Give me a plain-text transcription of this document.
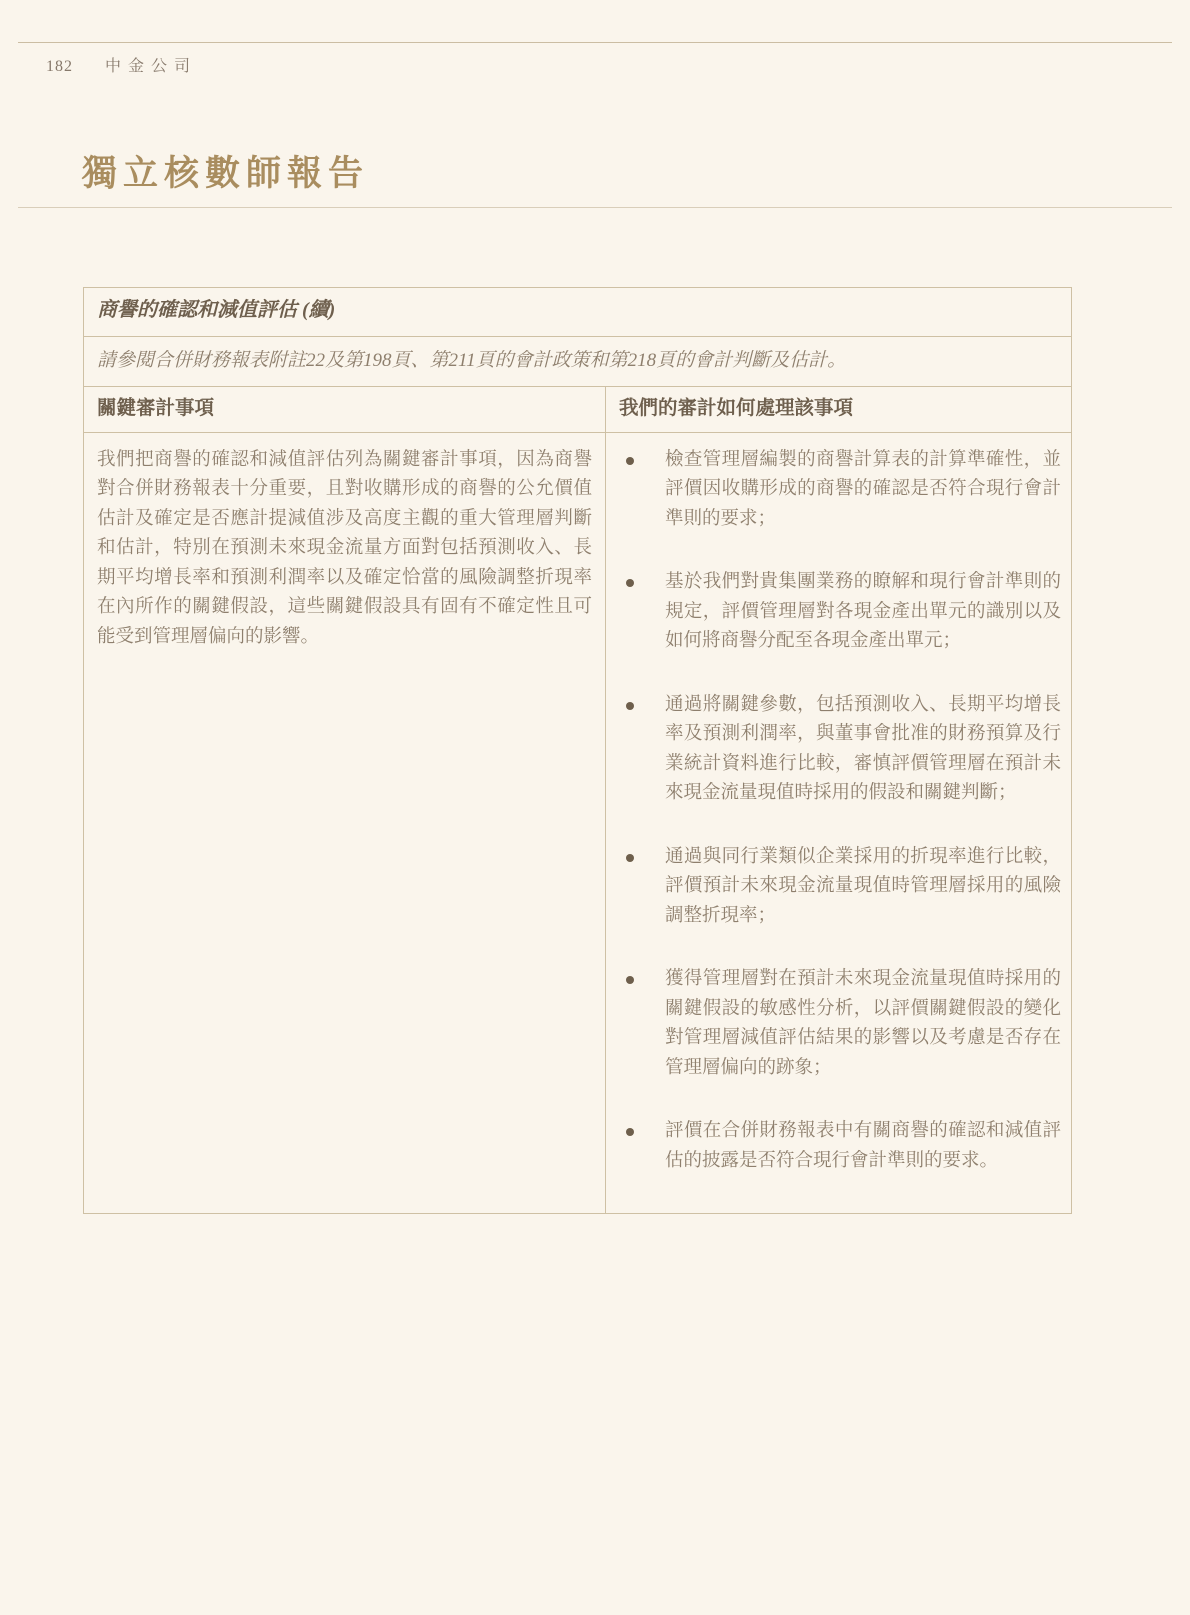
182 中金公司
獨立核數師報告
商譽的確認和減值評估 (續)
請參閱合併財務報表附註22及第198頁、第211頁的會計政策和第218頁的會計判斷及估計。
關鍵審計事項	我們的審計如何處理該事項
我們把商譽的確認和減值評估列為關鍵審計事項，因為商譽對合併財務報表十分重要，且對收購形成的商譽的公允價值估計及確定是否應計提減值涉及高度主觀的重大管理層判斷和估計，特別在預測未來現金流量方面對包括預測收入、長期平均增長率和預測利潤率以及確定恰當的風險調整折現率在內所作的關鍵假設，這些關鍵假設具有固有不確定性且可能受到管理層偏向的影響。
檢查管理層編製的商譽計算表的計算準確性，並評價因收購形成的商譽的確認是否符合現行會計準則的要求；
基於我們對貴集團業務的瞭解和現行會計準則的規定，評價管理層對各現金產出單元的識別以及如何將商譽分配至各現金產出單元；
通過將關鍵參數，包括預測收入、長期平均增長率及預測利潤率，與董事會批准的財務預算及行業統計資料進行比較，審慎評價管理層在預計未來現金流量現值時採用的假設和關鍵判斷；
通過與同行業類似企業採用的折現率進行比較，評價預計未來現金流量現值時管理層採用的風險調整折現率；
獲得管理層對在預計未來現金流量現值時採用的關鍵假設的敏感性分析，以評價關鍵假設的變化對管理層減值評估結果的影響以及考慮是否存在管理層偏向的跡象；
評價在合併財務報表中有關商譽的確認和減值評估的披露是否符合現行會計準則的要求。
